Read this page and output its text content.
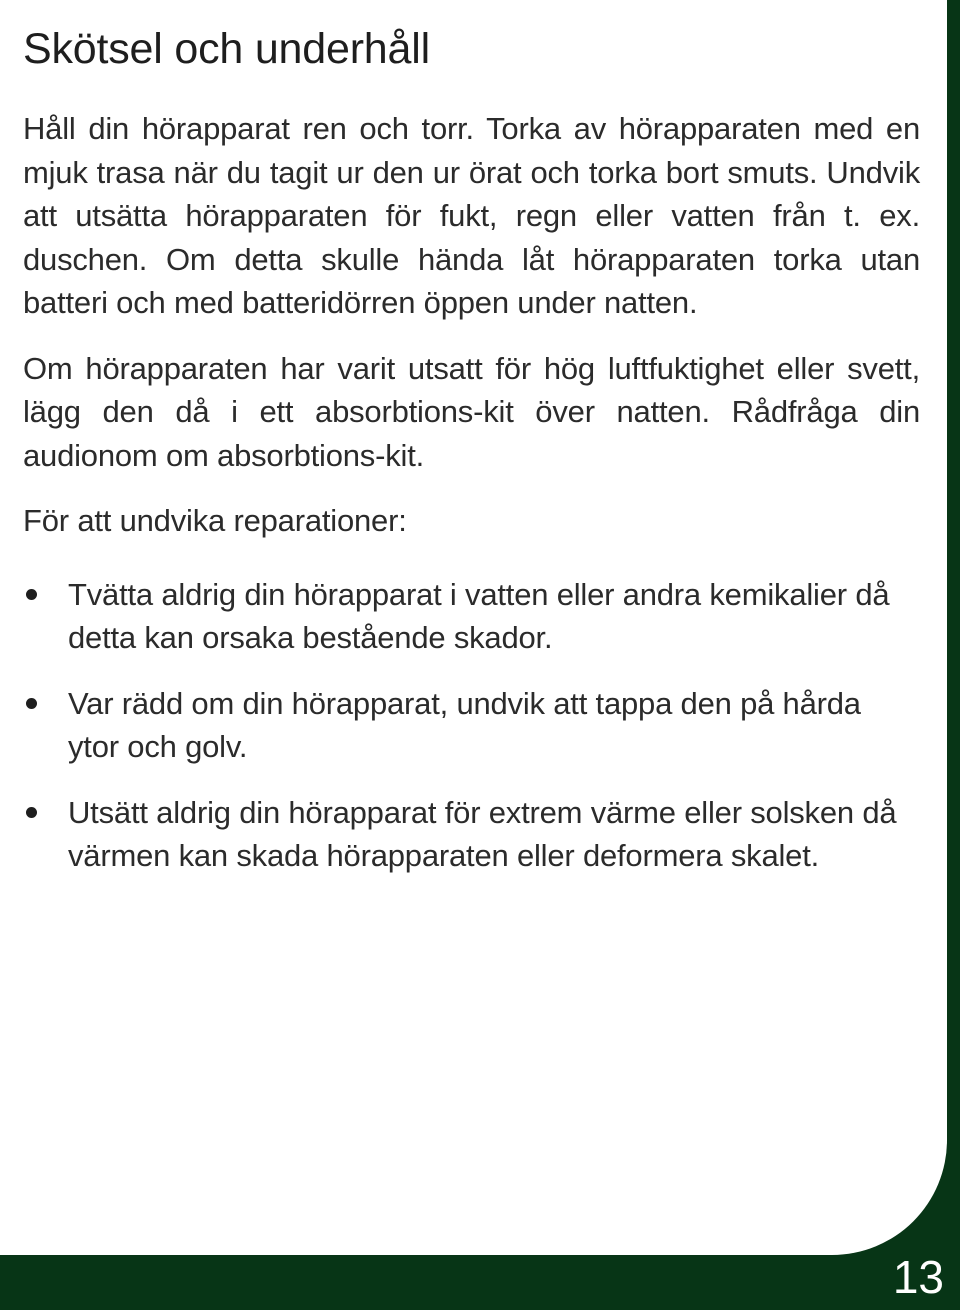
Skötsel och underhåll

Håll din hörapparat ren och torr. Torka av hörapparaten med en mjuk trasa när du tagit ur den ur örat och torka bort smuts. Undvik att utsätta hörapparaten för fukt, regn eller vatten från t. ex. duschen. Om detta skulle hända låt hörapparaten torka utan batteri och med batteridörren öppen under natten.

Om hörapparaten har varit utsatt för hög luftfuktighet eller svett, lägg den då i ett absorbtions-kit över natten. Rådfråga din audionom om absorbtions-kit.

För att undvika reparationer:

Tvätta aldrig din hörapparat i vatten eller andra kemikalier då detta kan orsaka bestående skador.
Var rädd om din hörapparat, undvik att tappa den på hårda ytor och golv.
Utsätt aldrig din hörapparat för extrem värme eller solsken då värmen kan skada hörapparaten eller deformera skalet.
13
